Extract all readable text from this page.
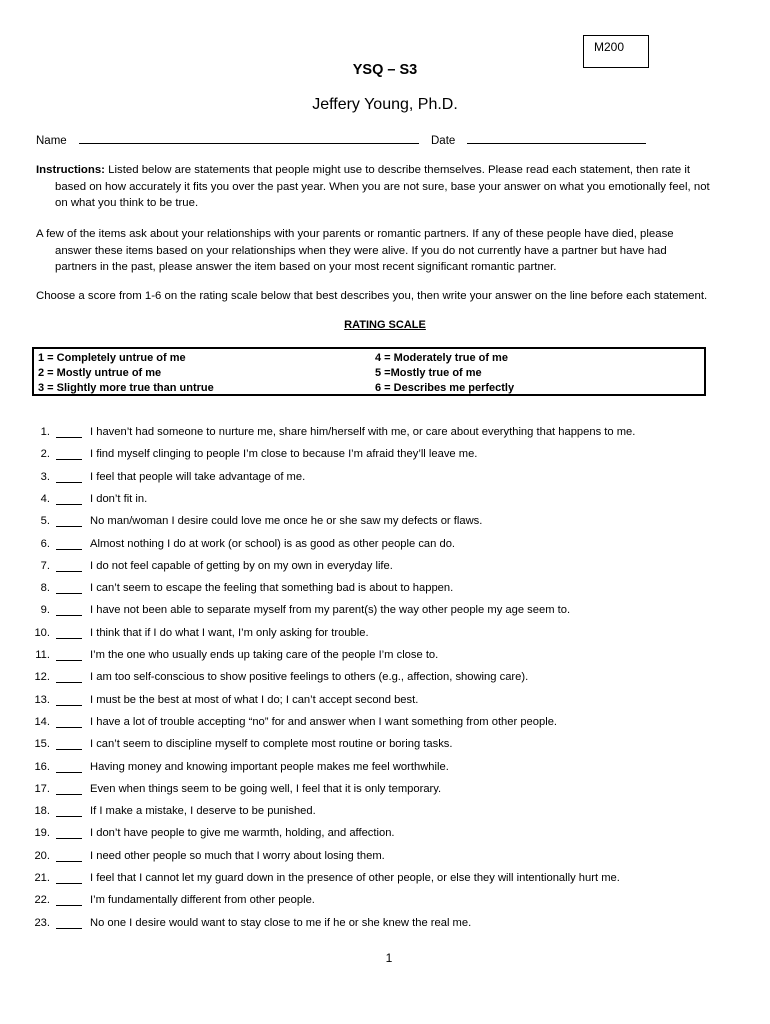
M200
YSQ – S3
Jeffery Young, Ph.D.
Name	Date
Instructions: Listed below are statements that people might use to describe themselves. Please read each statement, then rate it
based on how accurately it fits you over the past year. When you are not sure, base your answer on what you emotionally feel, not
on what you think to be true.
A few of the items ask about your relationships with your parents or romantic partners. If any of these people have died, please
answer these items based on your relationships when they were alive. If you do not currently have a partner but have had
partners in the past, please answer the item based on your most recent significant romantic partner.
Choose a score from 1-6 on the rating scale below that best describes you, then write your answer on the line before each statement.
RATING SCALE
1 = Completely untrue of me
2 = Mostly untrue of me
3 = Slightly more true than untrue
4 = Moderately true of me
5 =Mostly true of me
6 = Describes me perfectly
1.	I haven’t had someone to nurture me, share him/herself with me, or care about everything that happens to me.
2.	I find myself clinging to people I’m close to because I’m afraid they’ll leave me.
3.	I feel that people will take advantage of me.
4.	I don’t fit in.
5.	No man/woman I desire could love me once he or she saw my defects or flaws.
6.	Almost nothing I do at work (or school) is as good as other people can do.
7.	I do not feel capable of getting by on my own in everyday life.
8.	I can’t seem to escape the feeling that something bad is about to happen.
9.	I have not been able to separate myself from my parent(s) the way other people my age seem to.
10.	I think that if I do what I want, I’m only asking for trouble.
11.	I’m the one who usually ends up taking care of the people I’m close to.
12.	I am too self-conscious to show positive feelings to others (e.g., affection, showing care).
13.	I must be the best at most of what I do; I can’t accept second best.
14.	I have a lot of trouble accepting “no” for and answer when I want something from other people.
15.	I can’t seem to discipline myself to complete most routine or boring tasks.
16.	Having money and knowing important people makes me feel worthwhile.
17.	Even when things seem to be going well, I feel that it is only temporary.
18.	If I make a mistake, I deserve to be punished.
19.	I don’t have people to give me warmth, holding, and affection.
20.	I need other people so much that I worry about losing them.
21.	I feel that I cannot let my guard down in the presence of other people, or else they will intentionally hurt me.
22.	I’m fundamentally different from other people.
23.	No one I desire would want to stay close to me if he or she knew the real me.
1
